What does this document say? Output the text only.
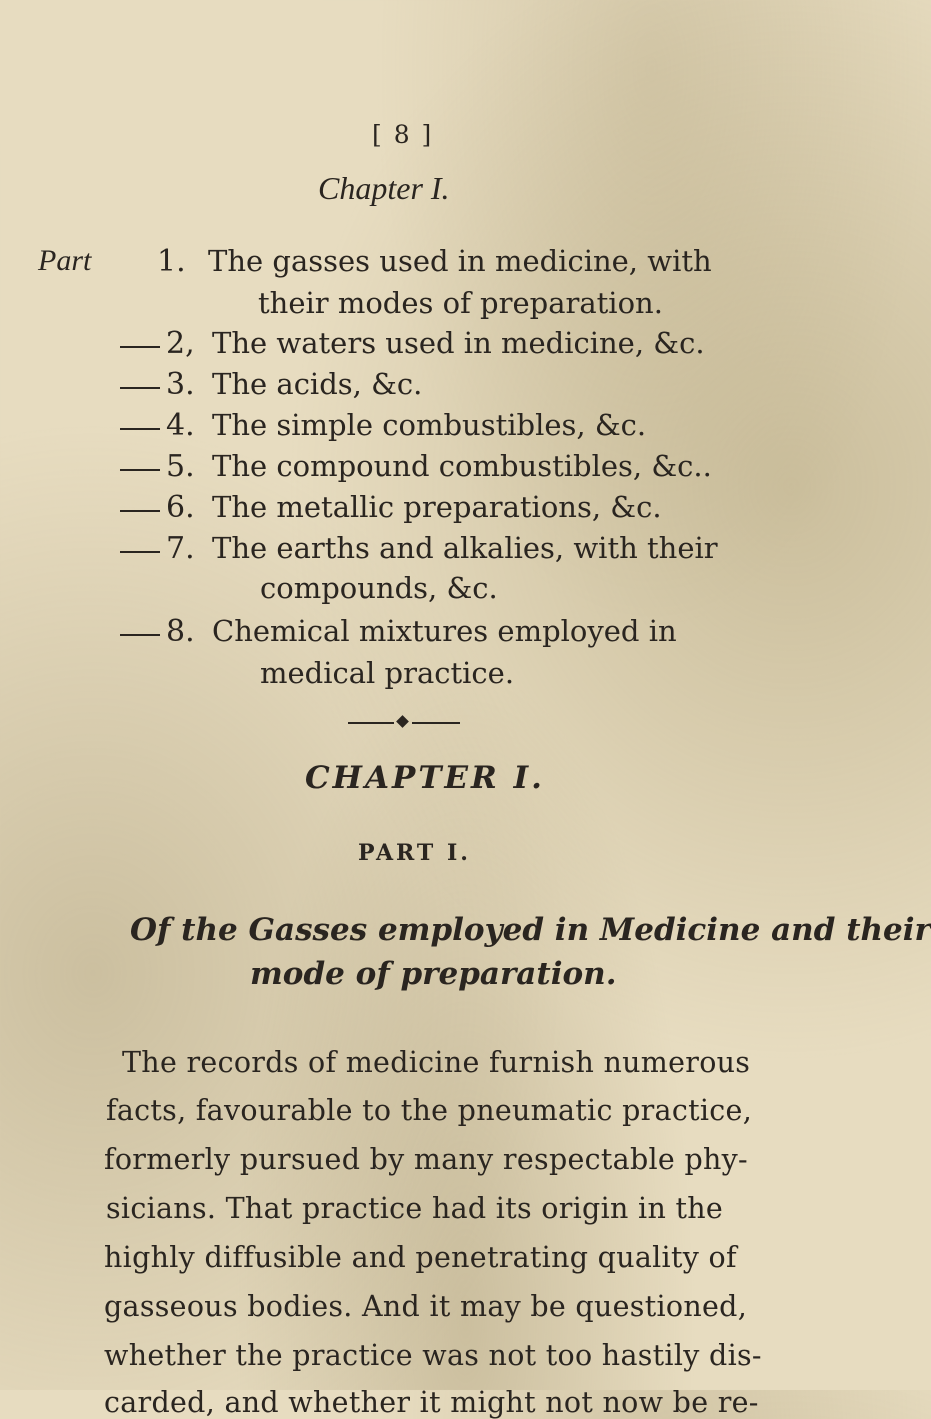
[ 8 ]
Chapter I.
Part 1. The gasses used in medicine, with
their modes of preparation.
2, The waters used in medicine, &c.
3. The acids, &c.
4. The simple combustibles, &c.
5. The compound combustibles, &c..
6. The metallic preparations, &c.
7. The earths and alkalies, with their
compounds, &c.
8. Chemical mixtures employed in
medical practice.
CHAPTER I.
PART I.
Of the Gasses employed in Medicine and their
mode of preparation.
The records of medicine furnish numerous
facts, favourable to the pneumatic practice,
formerly pursued by many respectable phy-
sicians. That practice had its origin in the
highly diffusible and penetrating quality of
gasseous bodies. And it may be questioned,
whether the practice was not too hastily dis-
carded, and whether it might not now be re-
